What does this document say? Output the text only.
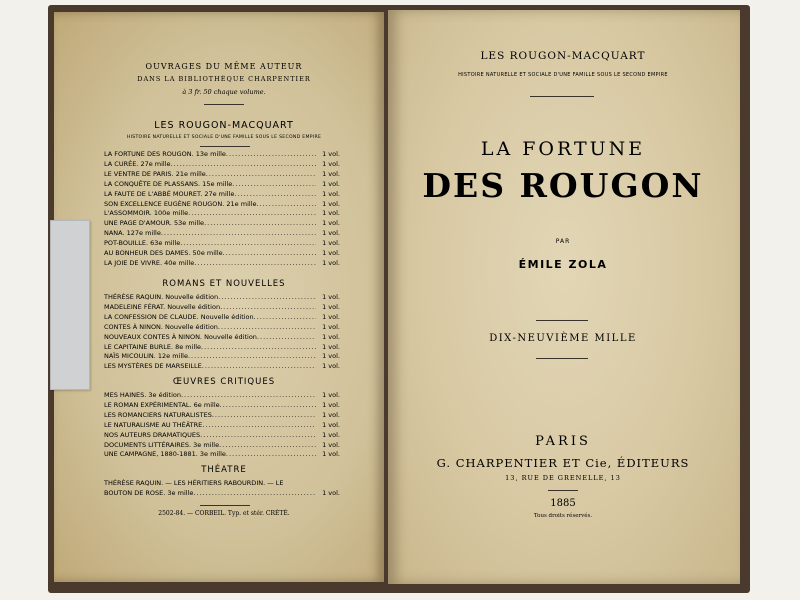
OUVRAGES DU MÊME AUTEUR
DANS LA BIBLIOTHÈQUE CHARPENTIER
à 3 fr. 50 chaque volume.
LES ROUGON-MACQUART
HISTOIRE NATURELLE ET SOCIALE D'UNE FAMILLE SOUS LE SECOND EMPIRE
LA FORTUNE DES ROUGON. 13e mille .....	1 vol.
LA CURÉE. 27e mille .....	1 vol.
LE VENTRE DE PARIS. 21e mille .....	1 vol.
LA CONQUÊTE DE PLASSANS. 15e mille .....	1 vol.
LA FAUTE DE L'ABBÉ MOURET. 27e mille .....	1 vol.
SON EXCELLENCE EUGÈNE ROUGON. 21e mille .....	1 vol.
L'ASSOMMOIR. 100e mille .....	1 vol.
UNE PAGE D'AMOUR. 53e mille .....	1 vol.
NANA. 127e mille .....	1 vol.
POT-BOUILLE. 63e mille .....	1 vol.
AU BONHEUR DES DAMES. 50e mille .....	1 vol.
LA JOIE DE VIVRE. 40e mille .....	1 vol.
ROMANS ET NOUVELLES
THÉRÈSE RAQUIN. Nouvelle édition .....	1 vol.
MADELEINE FÉRAT. Nouvelle édition .....	1 vol.
LA CONFESSION DE CLAUDE. Nouvelle édition .....	1 vol.
CONTES À NINON. Nouvelle édition .....	1 vol.
NOUVEAUX CONTES À NINON. Nouvelle édition .....	1 vol.
LE CAPITAINE BURLE. 8e mille .....	1 vol.
NAÏS MICOULIN. 12e mille .....	1 vol.
LES MYSTÈRES DE MARSEILLE .....	1 vol.
ŒUVRES CRITIQUES
MES HAINES. 3e édition .....	1 vol.
LE ROMAN EXPÉRIMENTAL. 6e mille .....	1 vol.
LES ROMANCIERS NATURALISTES .....	1 vol.
LE NATURALISME AU THÉÂTRE .....	1 vol.
NOS AUTEURS DRAMATIQUES .....	1 vol.
DOCUMENTS LITTÉRAIRES. 3e mille .....	1 vol.
UNE CAMPAGNE, 1880-1881. 3e mille .....	1 vol.
THÉATRE
THÉRÈSE RAQUIN. — LES HÉRITIERS RABOURDIN. — LE
BOUTON DE ROSE. 3e mille .....	1 vol.
2502-84. — CORBEIL. Typ. et stér. CRÉTÉ.
LES ROUGON-MACQUART
HISTOIRE NATURELLE ET SOCIALE D'UNE FAMILLE SOUS LE SECOND EMPIRE
LA FORTUNE
DES ROUGON
PAR
ÉMILE ZOLA
DIX-NEUVIÈME MILLE
PARIS
G. CHARPENTIER ET Cie, ÉDITEURS
13, RUE DE GRENELLE, 13
1885
Tous droits réservés.
